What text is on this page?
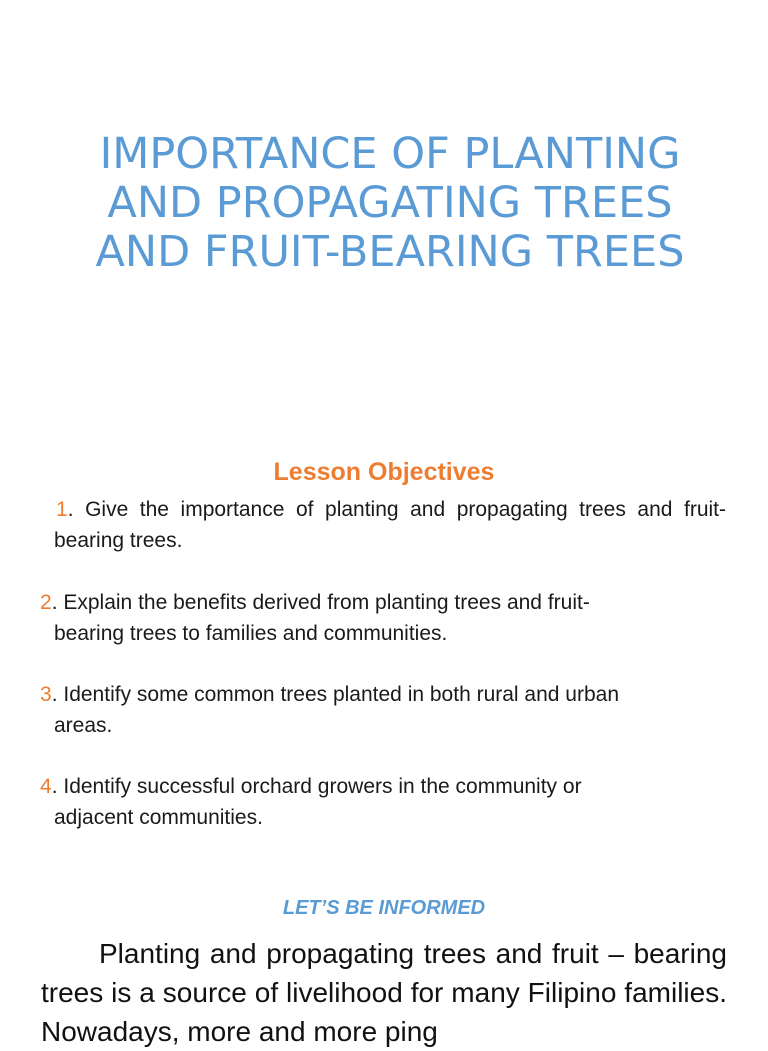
IMPORTANCE OF PLANTING AND PROPAGATING TREES AND FRUIT-BEARING TREES
Lesson Objectives

1. Give the importance of planting and propagating trees and fruit-bearing trees.

2. Explain the benefits derived from planting trees and fruit-
bearing trees to families and communities.

3. Identify some common trees planted in both rural and urban
areas.

4. Identify successful orchard growers in the community or
adjacent communities.

LET’S BE INFORMED

Planting and propagating trees and fruit – bearing trees is a source of livelihood for many Filipino families. Nowadays, more and more ping
